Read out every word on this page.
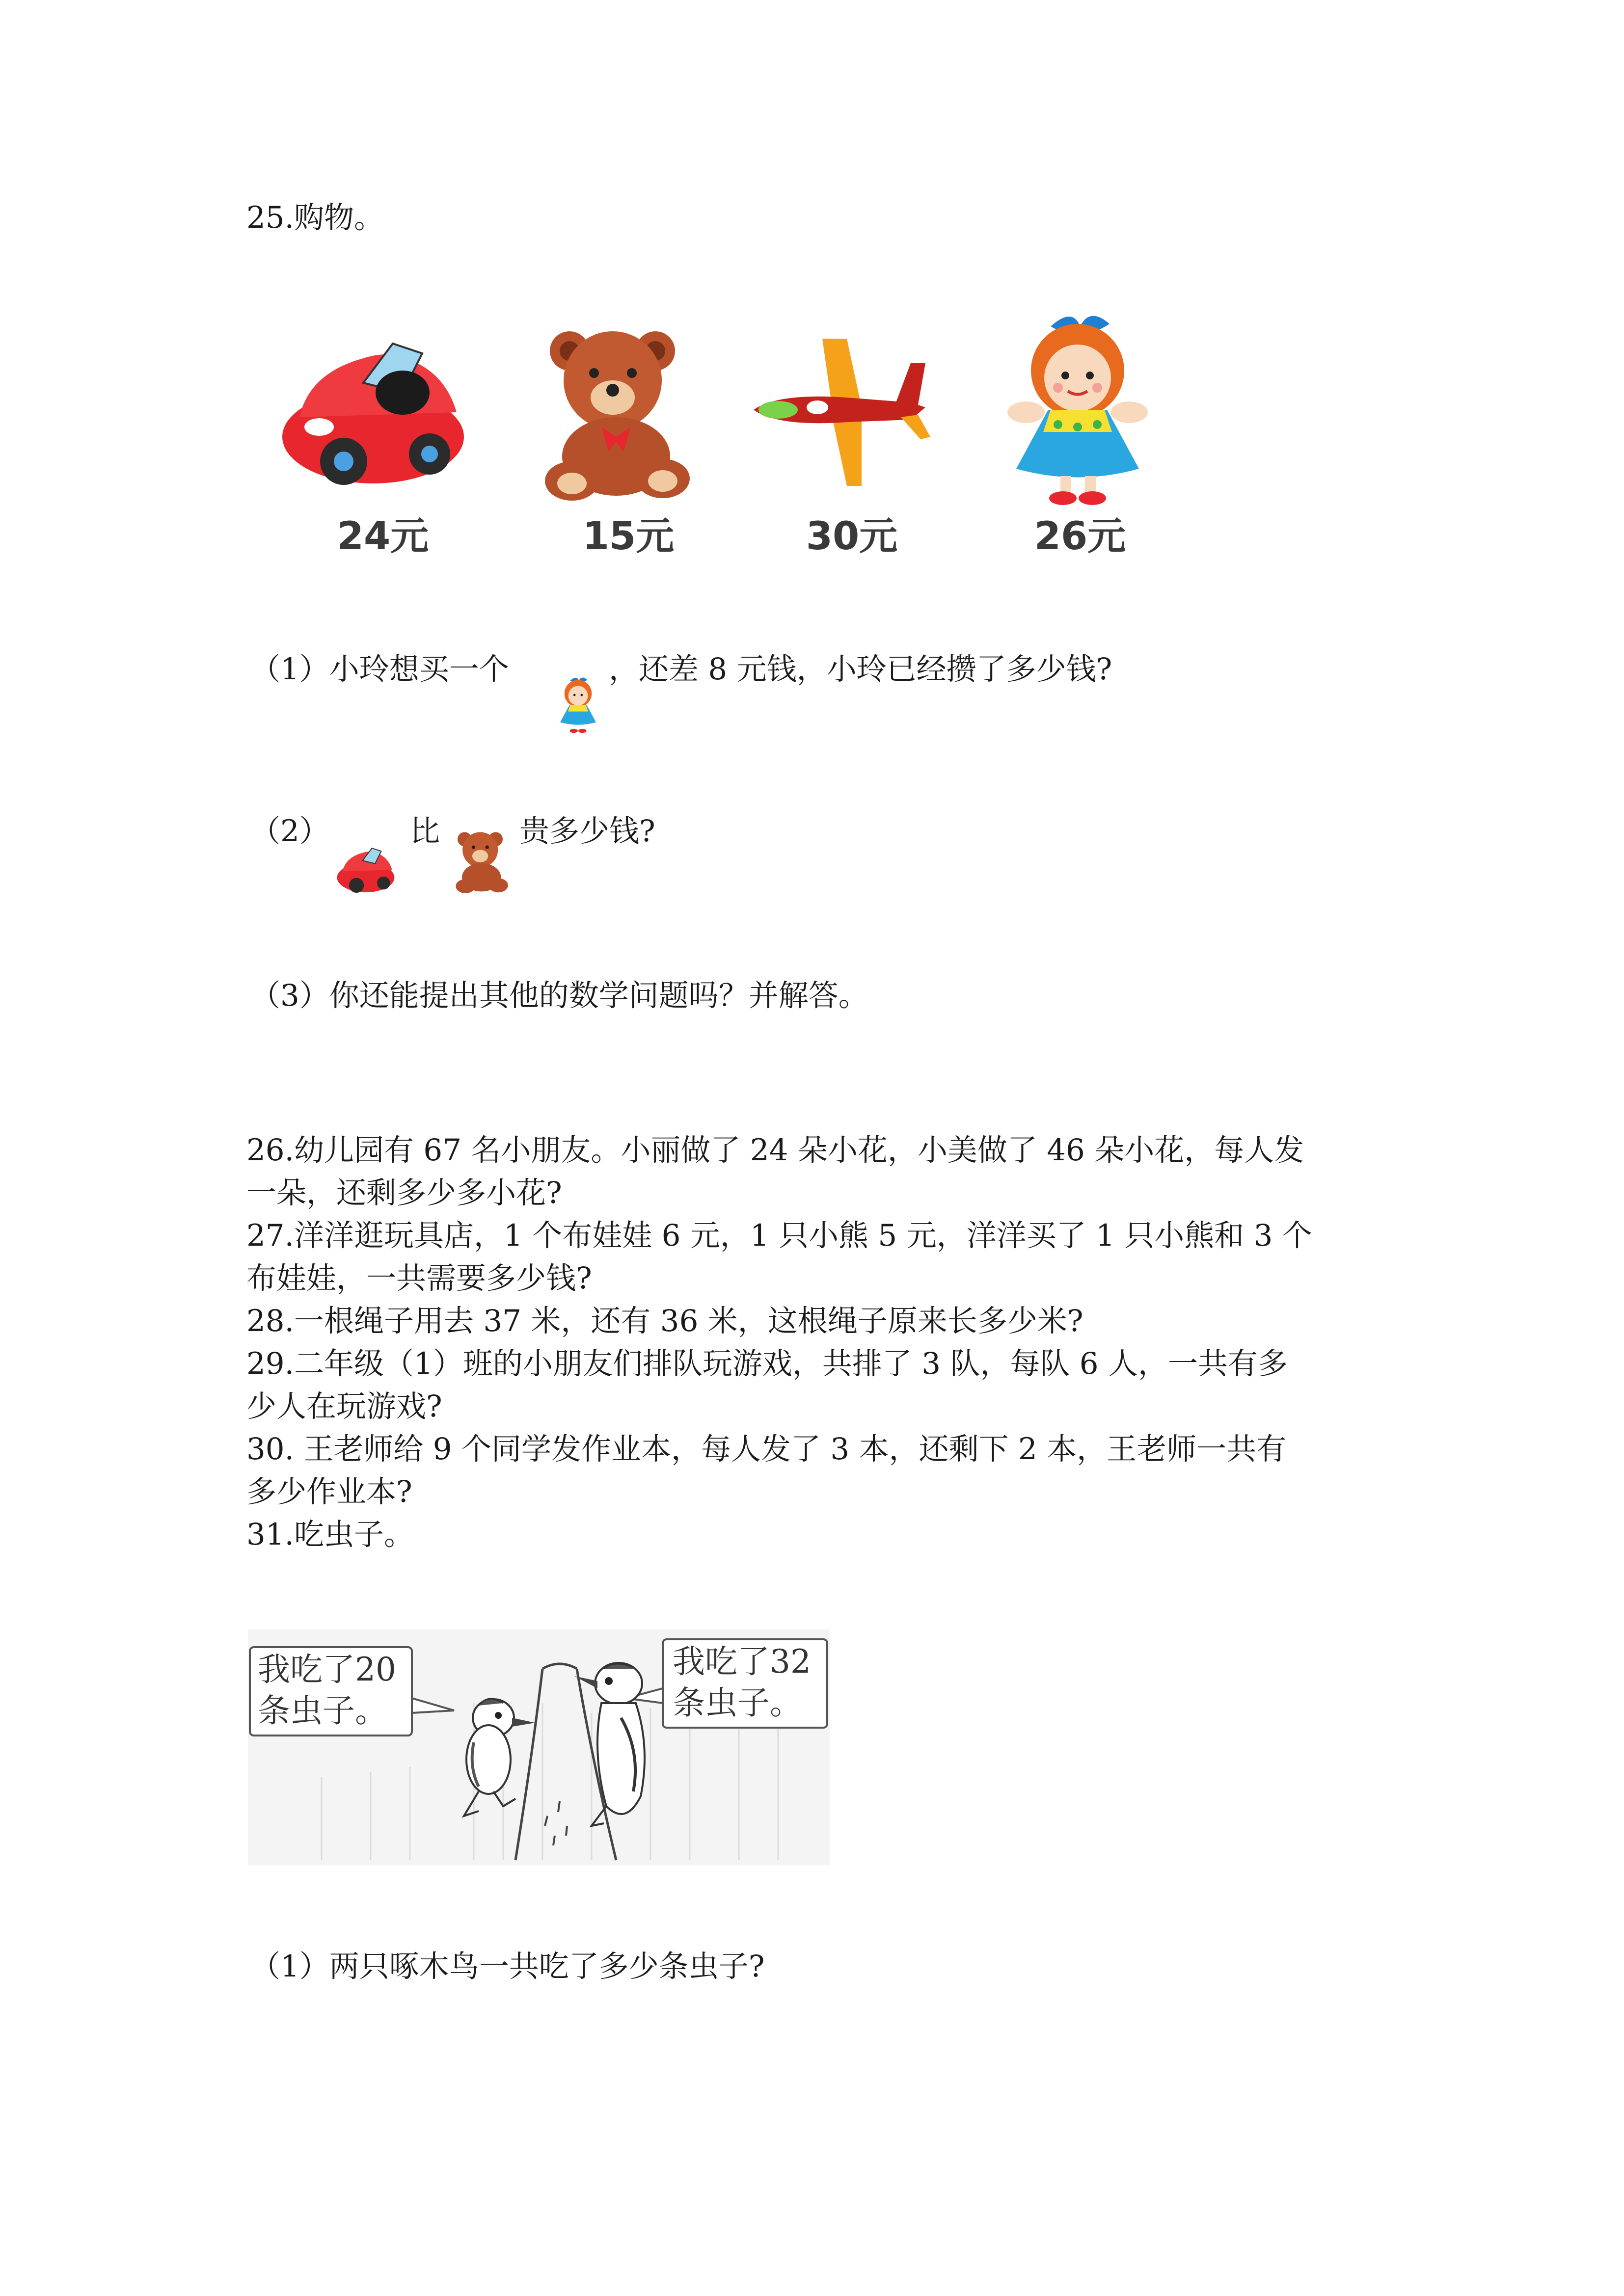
25.购物。
24元	15元	30元	26元
（1）小玲想买一个	，还差 8 元钱，小玲已经攒了多少钱?
（2）	比	贵多少钱?
（3）你还能提出其他的数学问题吗？并解答。
26.幼儿园有 67 名小朋友。小丽做了 24 朵小花，小美做了 46 朵小花，每人发
一朵，还剩多少多小花?
27.洋洋逛玩具店，1 个布娃娃 6 元，1 只小熊 5 元，洋洋买了 1 只小熊和 3 个
布娃娃，一共需要多少钱?
28.一根绳子用去 37 米，还有 36 米，这根绳子原来长多少米?
29.二年级（1）班的小朋友们排队玩游戏，共排了 3 队，每队 6 人，一共有多
少人在玩游戏?
30. 王老师给 9 个同学发作业本，每人发了 3 本，还剩下 2 本，王老师一共有
多少作业本?
31.吃虫子。
我吃了20
条虫子。
我吃了32
条虫子。
（1）两只啄木鸟一共吃了多少条虫子?
